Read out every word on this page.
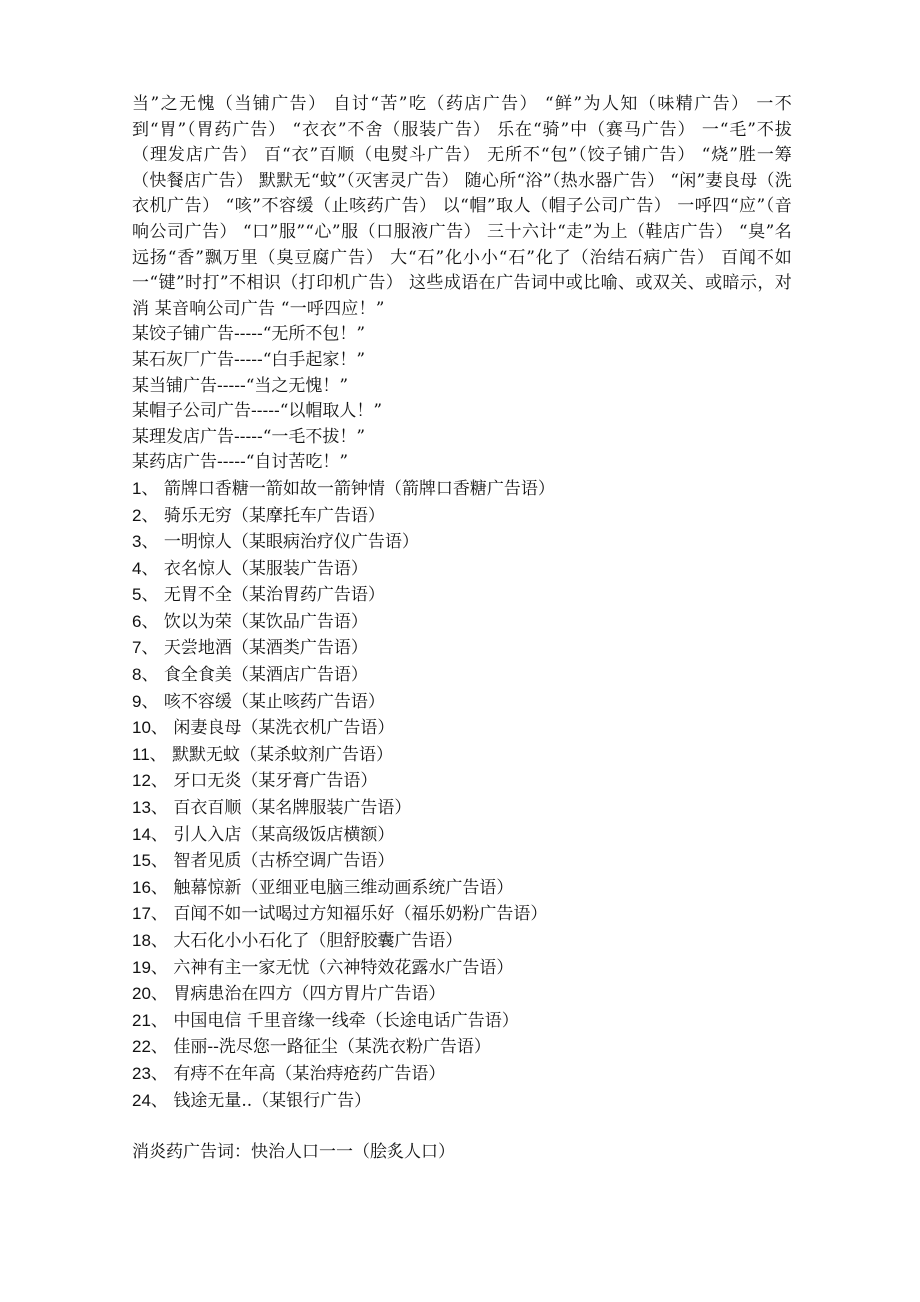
当”之无愧（当铺广告） 自讨“苦”吃（药店广告） “鲜”为人知（味精广告） 一不到“胃”（胃药广告） “衣衣”不舍（服装广告） 乐在“骑”中（赛马广告） 一“毛”不拔（理发店广告） 百“衣”百顺（电熨斗广告） 无所不“包”（饺子铺广告） “烧”胜一筹（快餐店广告） 默默无“蚊”（灭害灵广告） 随心所“浴”（热水器广告） “闲”妻良母（洗衣机广告） “咳”不容缓（止咳药广告） 以“帽”取人（帽子公司广告） 一呼四“应”（音响公司广告） “口”服”“心”服（口服液广告） 三十六计“走”为上（鞋店广告） “臭”名远扬“香”飘万里（臭豆腐广告） 大“石”化小小“石”化了（治结石病广告） 百闻不如一“键”时打”不相识（打印机广告） 这些成语在广告词中或比喻、或双关、或暗示，对消 某音响公司广告 “一呼四应！”

某饺子铺广告-----“无所不包！”

某石灰厂广告-----“白手起家！”

某当铺广告-----“当之无愧！”

某帽子公司广告-----“以帽取人！”

某理发店广告-----“一毛不拔！”

某药店广告-----“自讨苦吃！”

1、 箭牌口香糖一箭如故一箭钟情（箭牌口香糖广告语）

2、 骑乐无穷（某摩托车广告语）

3、 一明惊人（某眼病治疗仪广告语）

4、 衣名惊人（某服装广告语）

5、 无胃不全（某治胃药广告语）

6、 饮以为荣（某饮品广告语）

7、 天尝地酒（某酒类广告语）

8、 食全食美（某酒店广告语）

9、 咳不容缓（某止咳药广告语）

10、 闲妻良母（某洗衣机广告语）

11、 默默无蚊（某杀蚊剂广告语）

12、 牙口无炎（某牙膏广告语）

13、 百衣百顺（某名牌服装广告语）

14、 引人入店（某高级饭店横额）

15、 智者见质（古桥空调广告语）

16、 触幕惊新（亚细亚电脑三维动画系统广告语）

17、 百闻不如一试喝过方知福乐好（福乐奶粉广告语）

18、 大石化小小石化了（胆舒胶囊广告语）

19、 六神有主一家无忧（六神特效花露水广告语）

20、 胃病患治在四方（四方胃片广告语）

21、 中国电信 千里音缘一线牵（长途电话广告语）

22、 佳丽--洗尽您一路征尘（某洗衣粉广告语）

23、 有痔不在年高（某治痔疮药广告语）

24、 钱途无量..（某银行广告）

消炎药广告词：快治人口一一（脍炙人口）
